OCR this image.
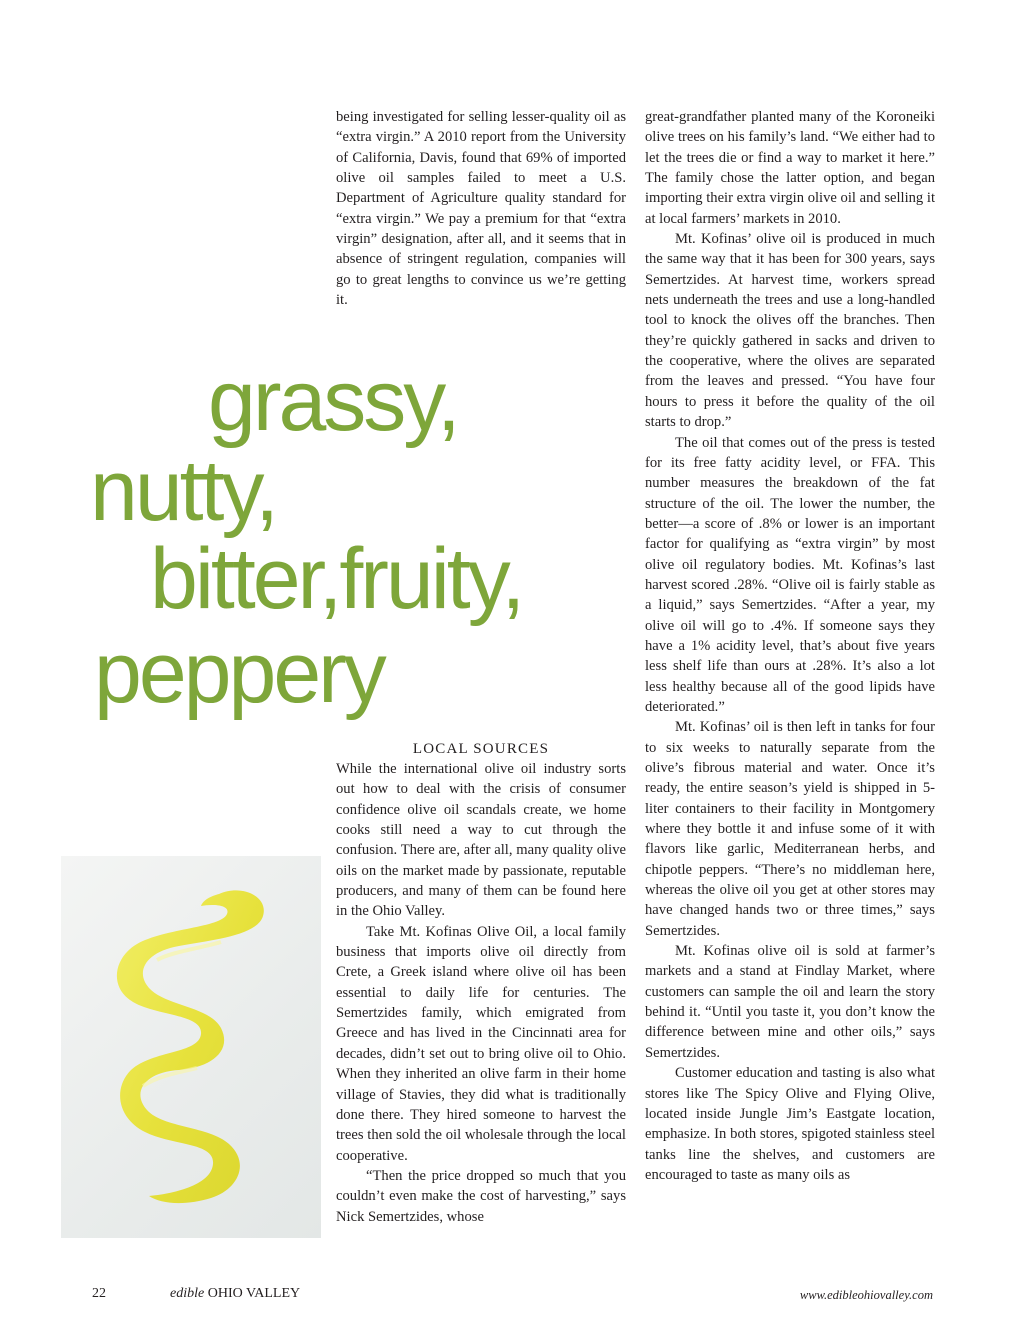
being investigated for selling lesser-quality oil as “extra virgin.” A 2010 report from the University of California, Davis, found that 69% of imported olive oil samples failed to meet a U.S. Department of Agriculture quality standard for “extra virgin.” We pay a premium for that “extra virgin” designation, after all, and it seems that in absence of stringent regulation, companies will go to great lengths to convince us we’re getting it.

grassy,
nutty,
bitter,fruity,
peppery
LOCAL SOURCES

While the international olive oil industry sorts out how to deal with the crisis of consumer confidence olive oil scandals create, we home cooks still need a way to cut through the confusion. There are, after all, many quality olive oils on the market made by passionate, reputable producers, and many of them can be found here in the Ohio Valley.

Take Mt. Kofinas Olive Oil, a local family business that imports olive oil directly from Crete, a Greek island where olive oil has been essential to daily life for centuries. The Semertzides family, which emigrated from Greece and has lived in the Cincinnati area for decades, didn’t set out to bring olive oil to Ohio. When they inherited an olive farm in their home village of Stavies, they did what is traditionally done there. They hired someone to harvest the trees then sold the oil wholesale through the local cooperative.

“Then the price dropped so much that you couldn’t even make the cost of harvesting,” says Nick Semertzides, whose

great-grandfather planted many of the Koroneiki olive trees on his family’s land. “We either had to let the trees die or find a way to market it here.” The family chose the latter option, and began importing their extra virgin olive oil and selling it at local farmers’ markets in 2010.

Mt. Kofinas’ olive oil is produced in much the same way that it has been for 300 years, says Semertzides. At harvest time, workers spread nets underneath the trees and use a long-handled tool to knock the olives off the branches. Then they’re quickly gathered in sacks and driven to the cooperative, where the olives are separated from the leaves and pressed. “You have four hours to press it before the quality of the oil starts to drop.”

The oil that comes out of the press is tested for its free fatty acidity level, or FFA. This number measures the breakdown of the fat structure of the oil. The lower the number, the better—a score of .8% or lower is an important factor for qualifying as “extra virgin” by most olive oil regulatory bodies. Mt. Kofinas’s last harvest scored .28%. “Olive oil is fairly stable as a liquid,” says Semertzides. “After a year, my olive oil will go to .4%. If someone says they have a 1% acidity level, that’s about five years less shelf life than ours at .28%. It’s also a lot less healthy because all of the good lipids have deteriorated.”

Mt. Kofinas’ oil is then left in tanks for four to six weeks to naturally separate from the olive’s fibrous material and water. Once it’s ready, the entire season’s yield is shipped in 5-liter containers to their facility in Montgomery where they bottle it and infuse some of it with flavors like garlic, Mediterranean herbs, and chipotle peppers. “There’s no middleman here, whereas the olive oil you get at other stores may have changed hands two or three times,” says Semertzides.

Mt. Kofinas olive oil is sold at farmer’s markets and a stand at Findlay Market, where customers can sample the oil and learn the story behind it. “Until you taste it, you don’t know the difference between mine and other oils,” says Semertzides.

Customer education and tasting is also what stores like The Spicy Olive and Flying Olive, located inside Jungle Jim’s Eastgate location, emphasize. In both stores, spigoted stainless steel tanks line the shelves, and customers are encouraged to taste as many oils as

22	edible OHIO VALLEY	www.edibleohiovalley.com
